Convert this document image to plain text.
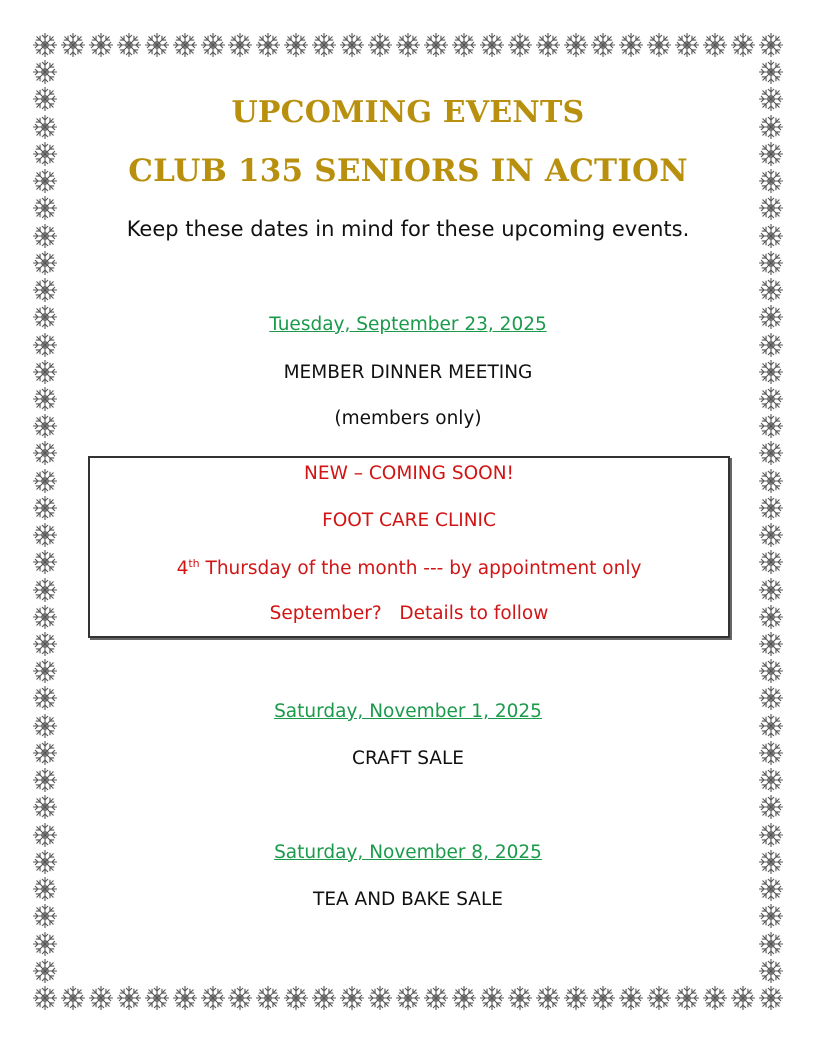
UPCOMING EVENTS
CLUB 135 SENIORS IN ACTION
Keep these dates in mind for these upcoming events.
Tuesday, September 23, 2025
MEMBER DINNER MEETING
(members only)
NEW – COMING SOON!
FOOT CARE CLINIC
4th Thursday of the month --- by appointment only
September?   Details to follow
Saturday, November 1, 2025
CRAFT SALE
Saturday, November 8, 2025
TEA AND BAKE SALE
